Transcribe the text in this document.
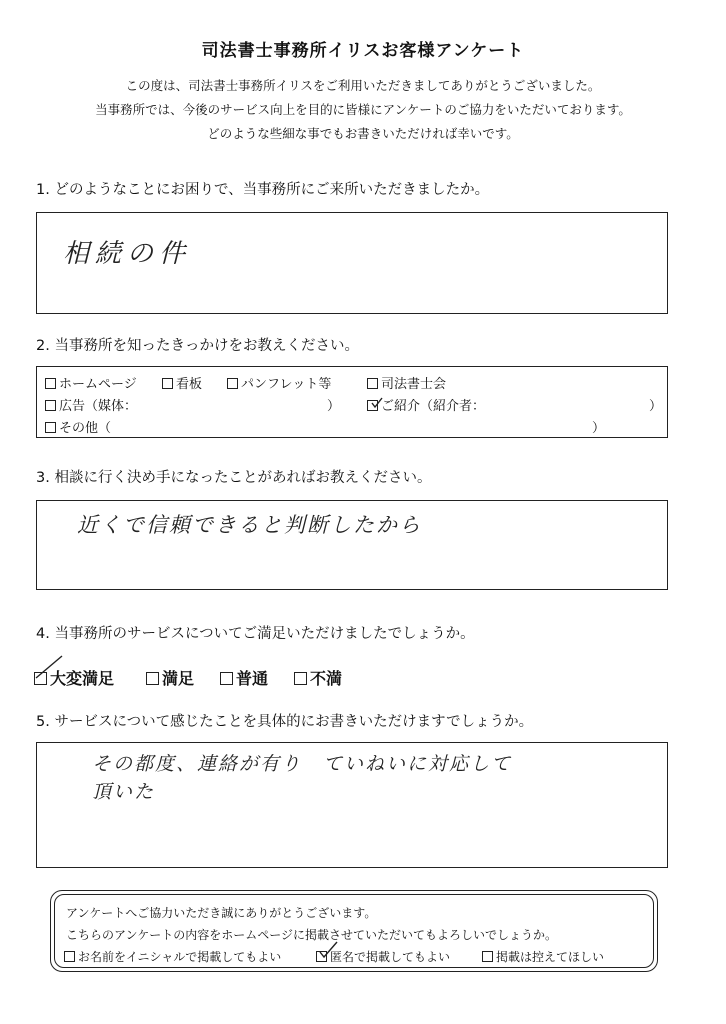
司法書士事務所イリスお客様アンケート
この度は、司法書士事務所イリスをご利用いただきましてありがとうございました。
当事務所では、今後のサービス向上を目的に皆様にアンケートのご協力をいただいております。
どのような些細な事でもお書きいただければ幸いです。
1. どのようなことにお困りで、当事務所にご来所いただきましたか。
相続の件
2. 当事務所を知ったきっかけをお教えください。
ホームページ	看板	パンフレット等	司法書士会
広告（媒体：	）	ご紹介（紹介者：	）
その他（	）
3. 相談に行く決め手になったことがあればお教えください。
近くで信頼できると判断したから
4. 当事務所のサービスについてご満足いただけましたでしょうか。
大変満足	満足	普通	不満
5. サービスについて感じたことを具体的にお書きいただけますでしょうか。
その都度、連絡が有り　ていねいに対応して
頂いた
アンケートへご協力いただき誠にありがとうございます。
こちらのアンケートの内容をホームページに掲載させていただいてもよろしいでしょうか。
お名前をイニシャルで掲載してもよい	匿名で掲載してもよい	掲載は控えてほしい
